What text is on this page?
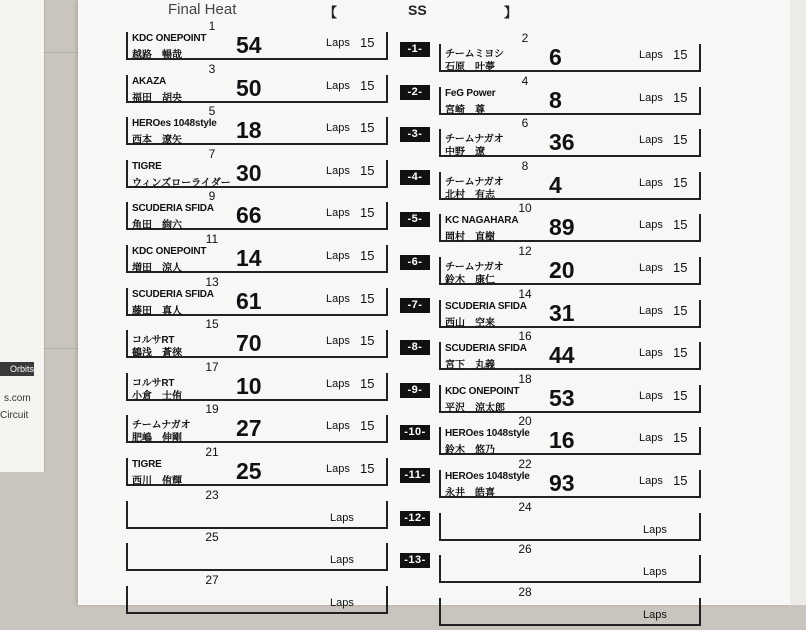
Orbits
s.com
Circuit
Final Heat	【	SS	】
1
KDC ONEPOINT
越路　暢哉 54	Laps 15
3
AKAZA
福田　胡央 50	Laps 15
5
HEROes 1048style
西本　遼矢 18	Laps 15
7
TIGRE
ウィンズローライダー 30	Laps 15
9
SCUDERIA SFIDA
角田　絢六 66	Laps 15
11
KDC ONEPOINT
増田　涼人 14	Laps 15
13
SCUDERIA SFIDA
藤田　真人 61	Laps 15
15
コルサRT
鶴浅　蒼徠 70	Laps 15
17
コルサRT
小倉　士侑 10	Laps 15
19
チームナガオ
肥嶋　伸剛 27	Laps 15
21
TIGRE
西川　侑輝 25	Laps 15
23
Laps
25
Laps
27
Laps
-1-
-2-
-3-
-4-
-5-
-6-
-7-
-8-
-9-
-10-
-11-
-12-
-13-
2
チームミヨシ
石原　叶夢 6	Laps 15
4
FeG Power
宮崎　尊	8	Laps 15
6
チームナガオ
中野　遼	36	Laps 15
8
チームナガオ
北村　有志 4	Laps 15
10
KC NAGAHARA
岡村　直樹 89	Laps 15
12
チームナガオ
鈴木　康仁 20	Laps 15
14
SCUDERIA SFIDA
西山　空来 31	Laps 15
16
SCUDERIA SFIDA
宮下　丸義 44	Laps 15
18
KDC ONEPOINT
平沢　涼太郎 53	Laps 15
20
HEROes 1048style
鈴木　悠乃 16	Laps 15
22
HEROes 1048style
永井　皓喜 93	Laps 15
24
Laps
26
Laps
28
Laps
